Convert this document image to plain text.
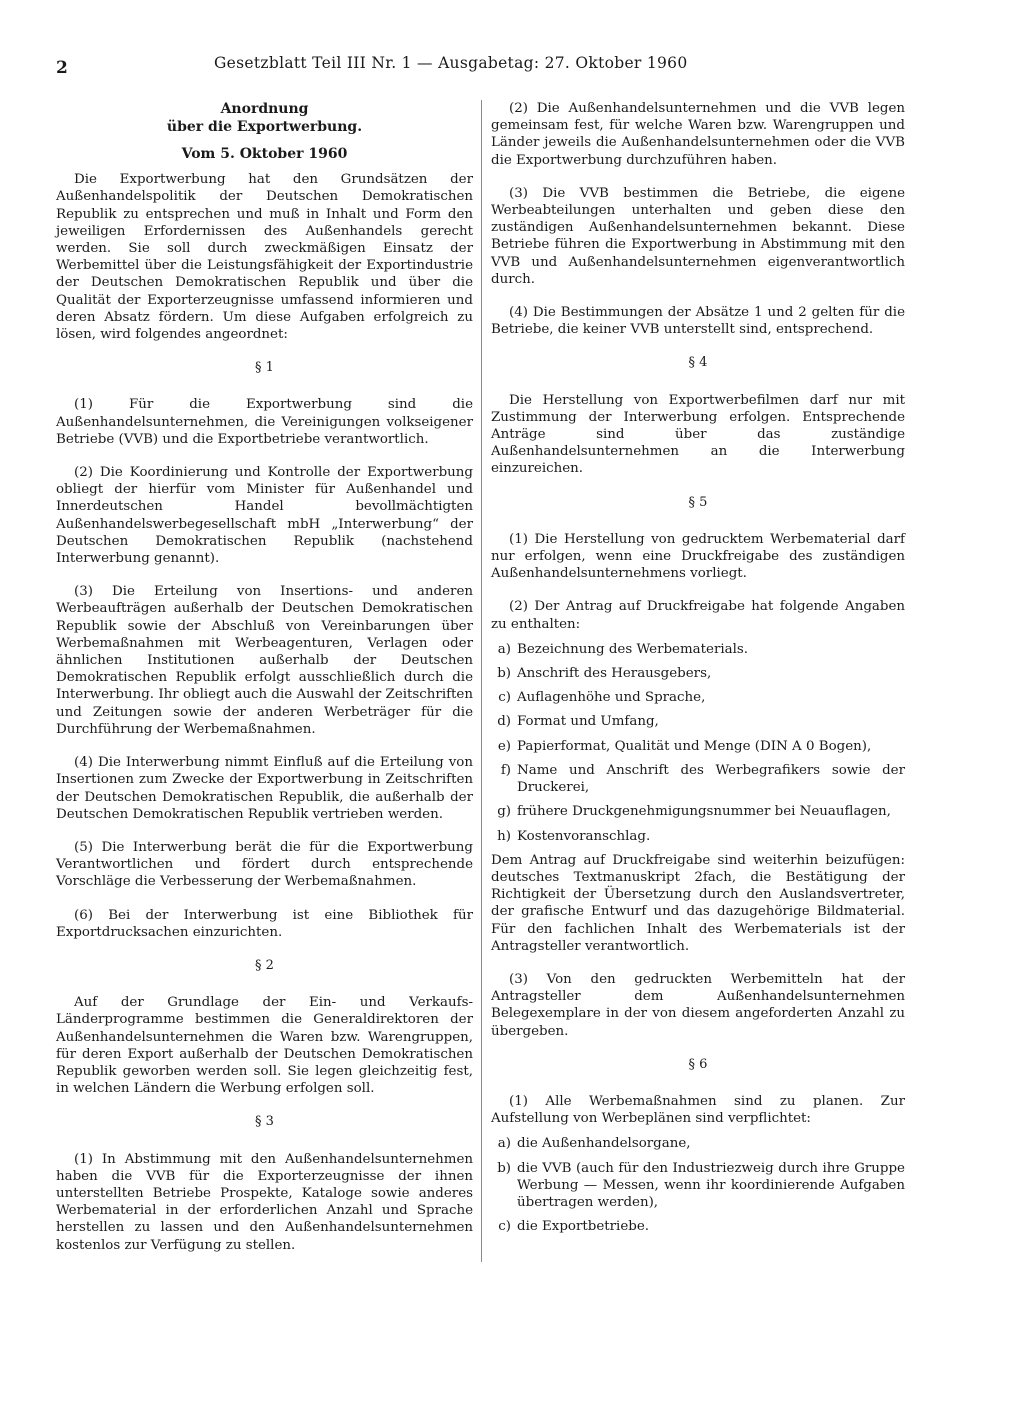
2	Gesetzblatt Teil III Nr. 1 — Ausgabetag: 27. Oktober 1960
Anordnung
über die Exportwerbung.
Vom 5. Oktober 1960

Die Exportwerbung hat den Grundsätzen der Außenhandelspolitik der Deutschen Demokratischen Republik zu entsprechen und muß in Inhalt und Form den jeweiligen Erfordernissen des Außenhandels gerecht werden. Sie soll durch zweckmäßigen Einsatz der Werbemittel über die Leistungsfähigkeit der Exportindustrie der Deutschen Demokratischen Republik und über die Qualität der Exporterzeugnisse umfassend informieren und deren Absatz fördern. Um diese Aufgaben erfolgreich zu lösen, wird folgendes angeordnet:

§ 1

(1) Für die Exportwerbung sind die Außenhandelsunternehmen, die Vereinigungen volkseigener Betriebe (VVB) und die Exportbetriebe verantwortlich.

(2) Die Koordinierung und Kontrolle der Exportwerbung obliegt der hierfür vom Minister für Außenhandel und Innerdeutschen Handel bevollmächtigten Außenhandelswerbegesellschaft mbH „Interwerbung“ der Deutschen Demokratischen Republik (nachstehend Interwerbung genannt).

(3) Die Erteilung von Insertions- und anderen Werbeaufträgen außerhalb der Deutschen Demokratischen Republik sowie der Abschluß von Vereinbarungen über Werbemaßnahmen mit Werbeagenturen, Verlagen oder ähnlichen Institutionen außerhalb der Deutschen Demokratischen Republik erfolgt ausschließlich durch die Interwerbung. Ihr obliegt auch die Auswahl der Zeitschriften und Zeitungen sowie der anderen Werbeträger für die Durchführung der Werbemaßnahmen.

(4) Die Interwerbung nimmt Einfluß auf die Erteilung von Insertionen zum Zwecke der Exportwerbung in Zeitschriften der Deutschen Demokratischen Republik, die außerhalb der Deutschen Demokratischen Republik vertrieben werden.

(5) Die Interwerbung berät die für die Exportwerbung Verantwortlichen und fördert durch entsprechende Vorschläge die Verbesserung der Werbemaßnahmen.

(6) Bei der Interwerbung ist eine Bibliothek für Exportdrucksachen einzurichten.

§ 2

Auf der Grundlage der Ein- und Verkaufs-Länderprogramme bestimmen die Generaldirektoren der Außenhandelsunternehmen die Waren bzw. Warengruppen, für deren Export außerhalb der Deutschen Demokratischen Republik geworben werden soll. Sie legen gleichzeitig fest, in welchen Ländern die Werbung erfolgen soll.

§ 3

(1) In Abstimmung mit den Außenhandelsunternehmen haben die VVB für die Exporterzeugnisse der ihnen unterstellten Betriebe Prospekte, Kataloge sowie anderes Werbematerial in der erforderlichen Anzahl und Sprache herstellen zu lassen und den Außenhandelsunternehmen kostenlos zur Verfügung zu stellen.

(2) Die Außenhandelsunternehmen und die VVB legen gemeinsam fest, für welche Waren bzw. Warengruppen und Länder jeweils die Außenhandelsunternehmen oder die VVB die Exportwerbung durchzuführen haben.

(3) Die VVB bestimmen die Betriebe, die eigene Werbeabteilungen unterhalten und geben diese den zuständigen Außenhandelsunternehmen bekannt. Diese Betriebe führen die Exportwerbung in Abstimmung mit den VVB und Außenhandelsunternehmen eigenverantwortlich durch.

(4) Die Bestimmungen der Absätze 1 und 2 gelten für die Betriebe, die keiner VVB unterstellt sind, entsprechend.

§ 4

Die Herstellung von Exportwerbefilmen darf nur mit Zustimmung der Interwerbung erfolgen. Entsprechende Anträge sind über das zuständige Außenhandelsunternehmen an die Interwerbung einzureichen.

§ 5

(1) Die Herstellung von gedrucktem Werbematerial darf nur erfolgen, wenn eine Druckfreigabe des zuständigen Außenhandelsunternehmens vorliegt.

(2) Der Antrag auf Druckfreigabe hat folgende Angaben zu enthalten:

a) Bezeichnung des Werbematerials.
b) Anschrift des Herausgebers,
c) Auflagenhöhe und Sprache,
d) Format und Umfang,
e) Papierformat, Qualität und Menge (DIN A 0 Bogen),
f) Name und Anschrift des Werbegrafikers sowie der Druckerei,
g) frühere Druckgenehmigungsnummer bei Neuauflagen,
h) Kostenvoranschlag.

Dem Antrag auf Druckfreigabe sind weiterhin beizufügen: deutsches Textmanuskript 2fach, die Bestätigung der Richtigkeit der Übersetzung durch den Auslandsvertreter, der grafische Entwurf und das dazugehörige Bildmaterial. Für den fachlichen Inhalt des Werbematerials ist der Antragsteller verantwortlich.

(3) Von den gedruckten Werbemitteln hat der Antragsteller dem Außenhandelsunternehmen Belegexemplare in der von diesem angeforderten Anzahl zu übergeben.

§ 6

(1) Alle Werbemaßnahmen sind zu planen. Zur Aufstellung von Werbeplänen sind verpflichtet:

a) die Außenhandelsorgane,
b) die VVB (auch für den Industriezweig durch ihre Gruppe Werbung — Messen, wenn ihr koordinierende Aufgaben übertragen werden),
c) die Exportbetriebe.
